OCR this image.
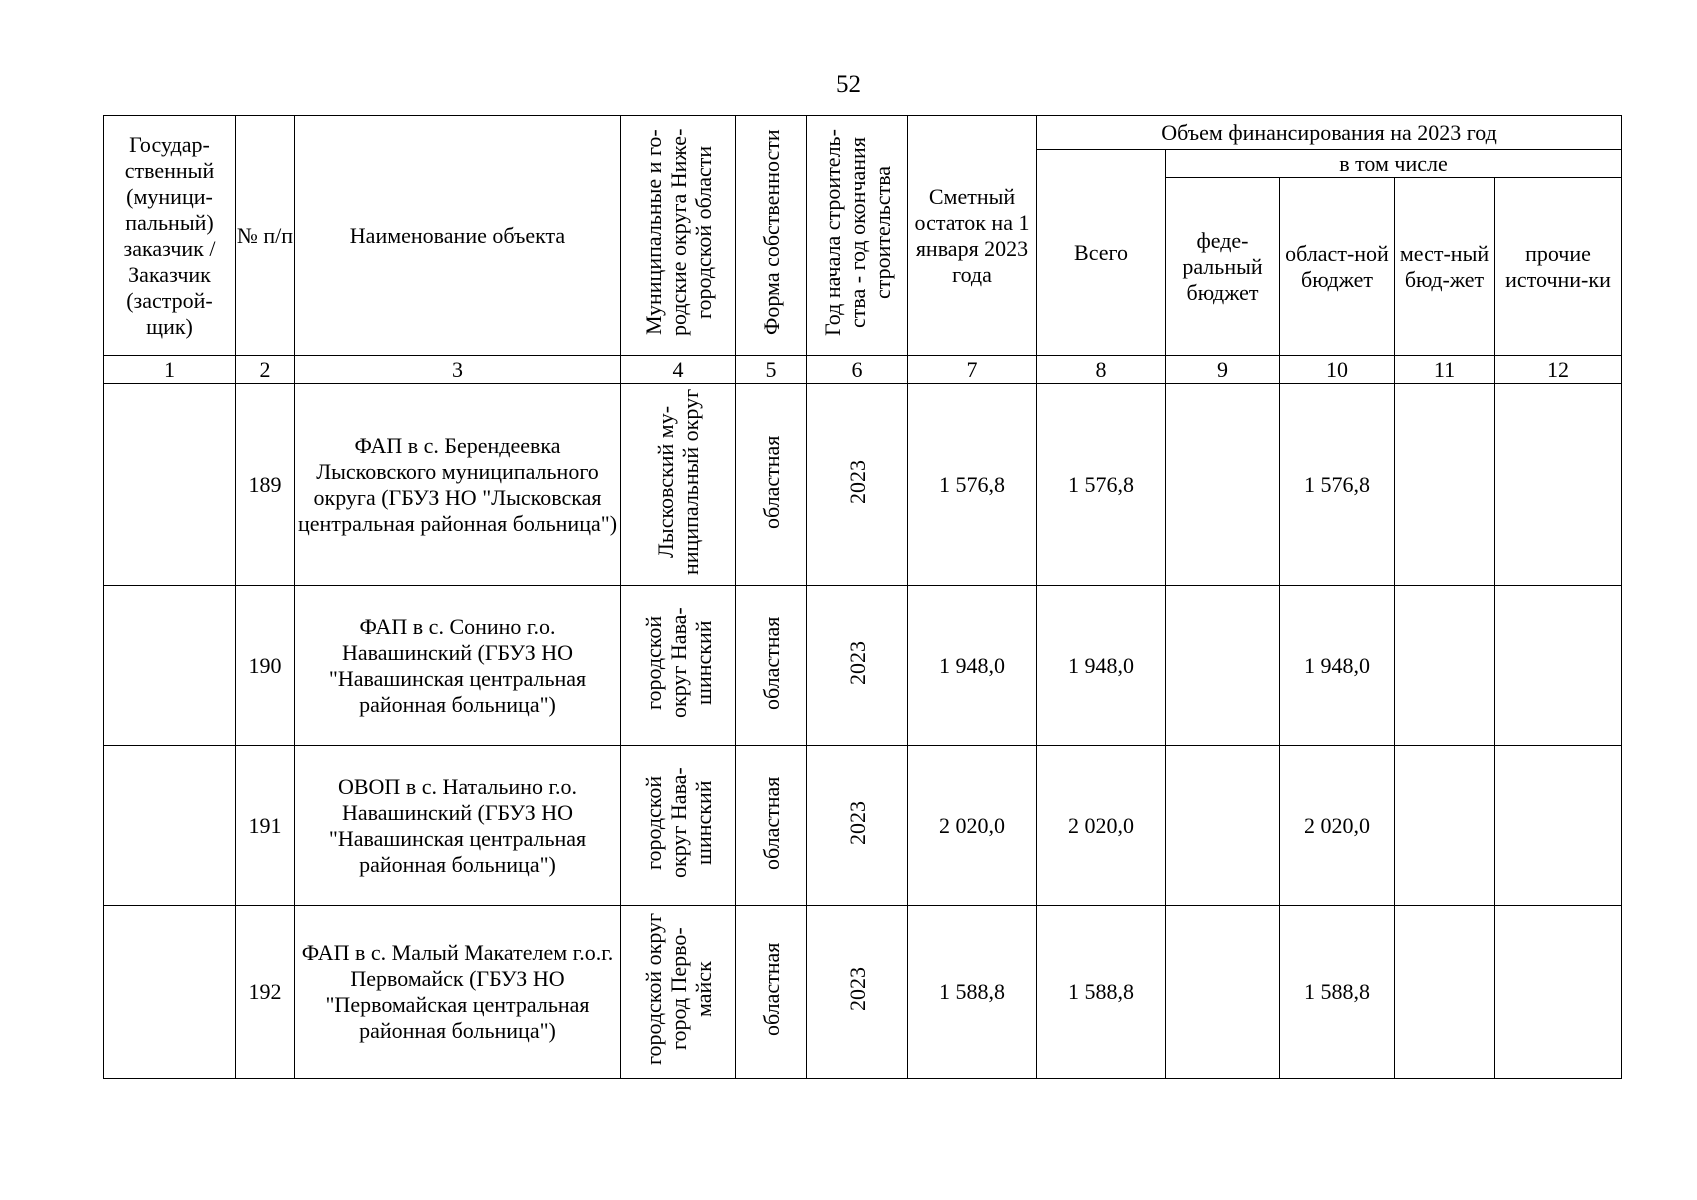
52
Государ-ственный (муници-пальный) заказчик / Заказчик (застрой-щик)	№ п/п	Наименование объекта	Муниципальные и го-родские округа Ниже-городской области	Форма собственности	Год начала строитель-ства - год окончания строительства	Сметный остаток на 1 января 2023 года	Объем финансирования на 2023 год				
							Всего	в том числе			
								феде-ральный бюджет	област-ной бюджет	мест-ный бюд-жет	прочие источни-ки
1	2	3	4	5	6	7	8	9	10	11	12
	189	ФАП в с. Берендеевка Лысковского муниципального округа (ГБУЗ НО "Лысковская центральная районная больница")	Лысковский му-ниципальный округ	областная	2023	1 576,8	1 576,8		1 576,8		
	190	ФАП в с. Сонино г.о. Навашинский (ГБУЗ НО "Навашинская центральная районная больница")	городской округ Нава-шинский	областная	2023	1 948,0	1 948,0		1 948,0		
	191	ОВОП в с. Натальино г.о. Навашинский (ГБУЗ НО "Навашинская центральная районная больница")	городской округ Нава-шинский	областная	2023	2 020,0	2 020,0		2 020,0		
	192	ФАП в с. Малый Макателем г.о.г. Первомайск (ГБУЗ НО "Первомайская центральная районная больница")	городской округ город Перво-майск	областная	2023	1 588,8	1 588,8		1 588,8		
